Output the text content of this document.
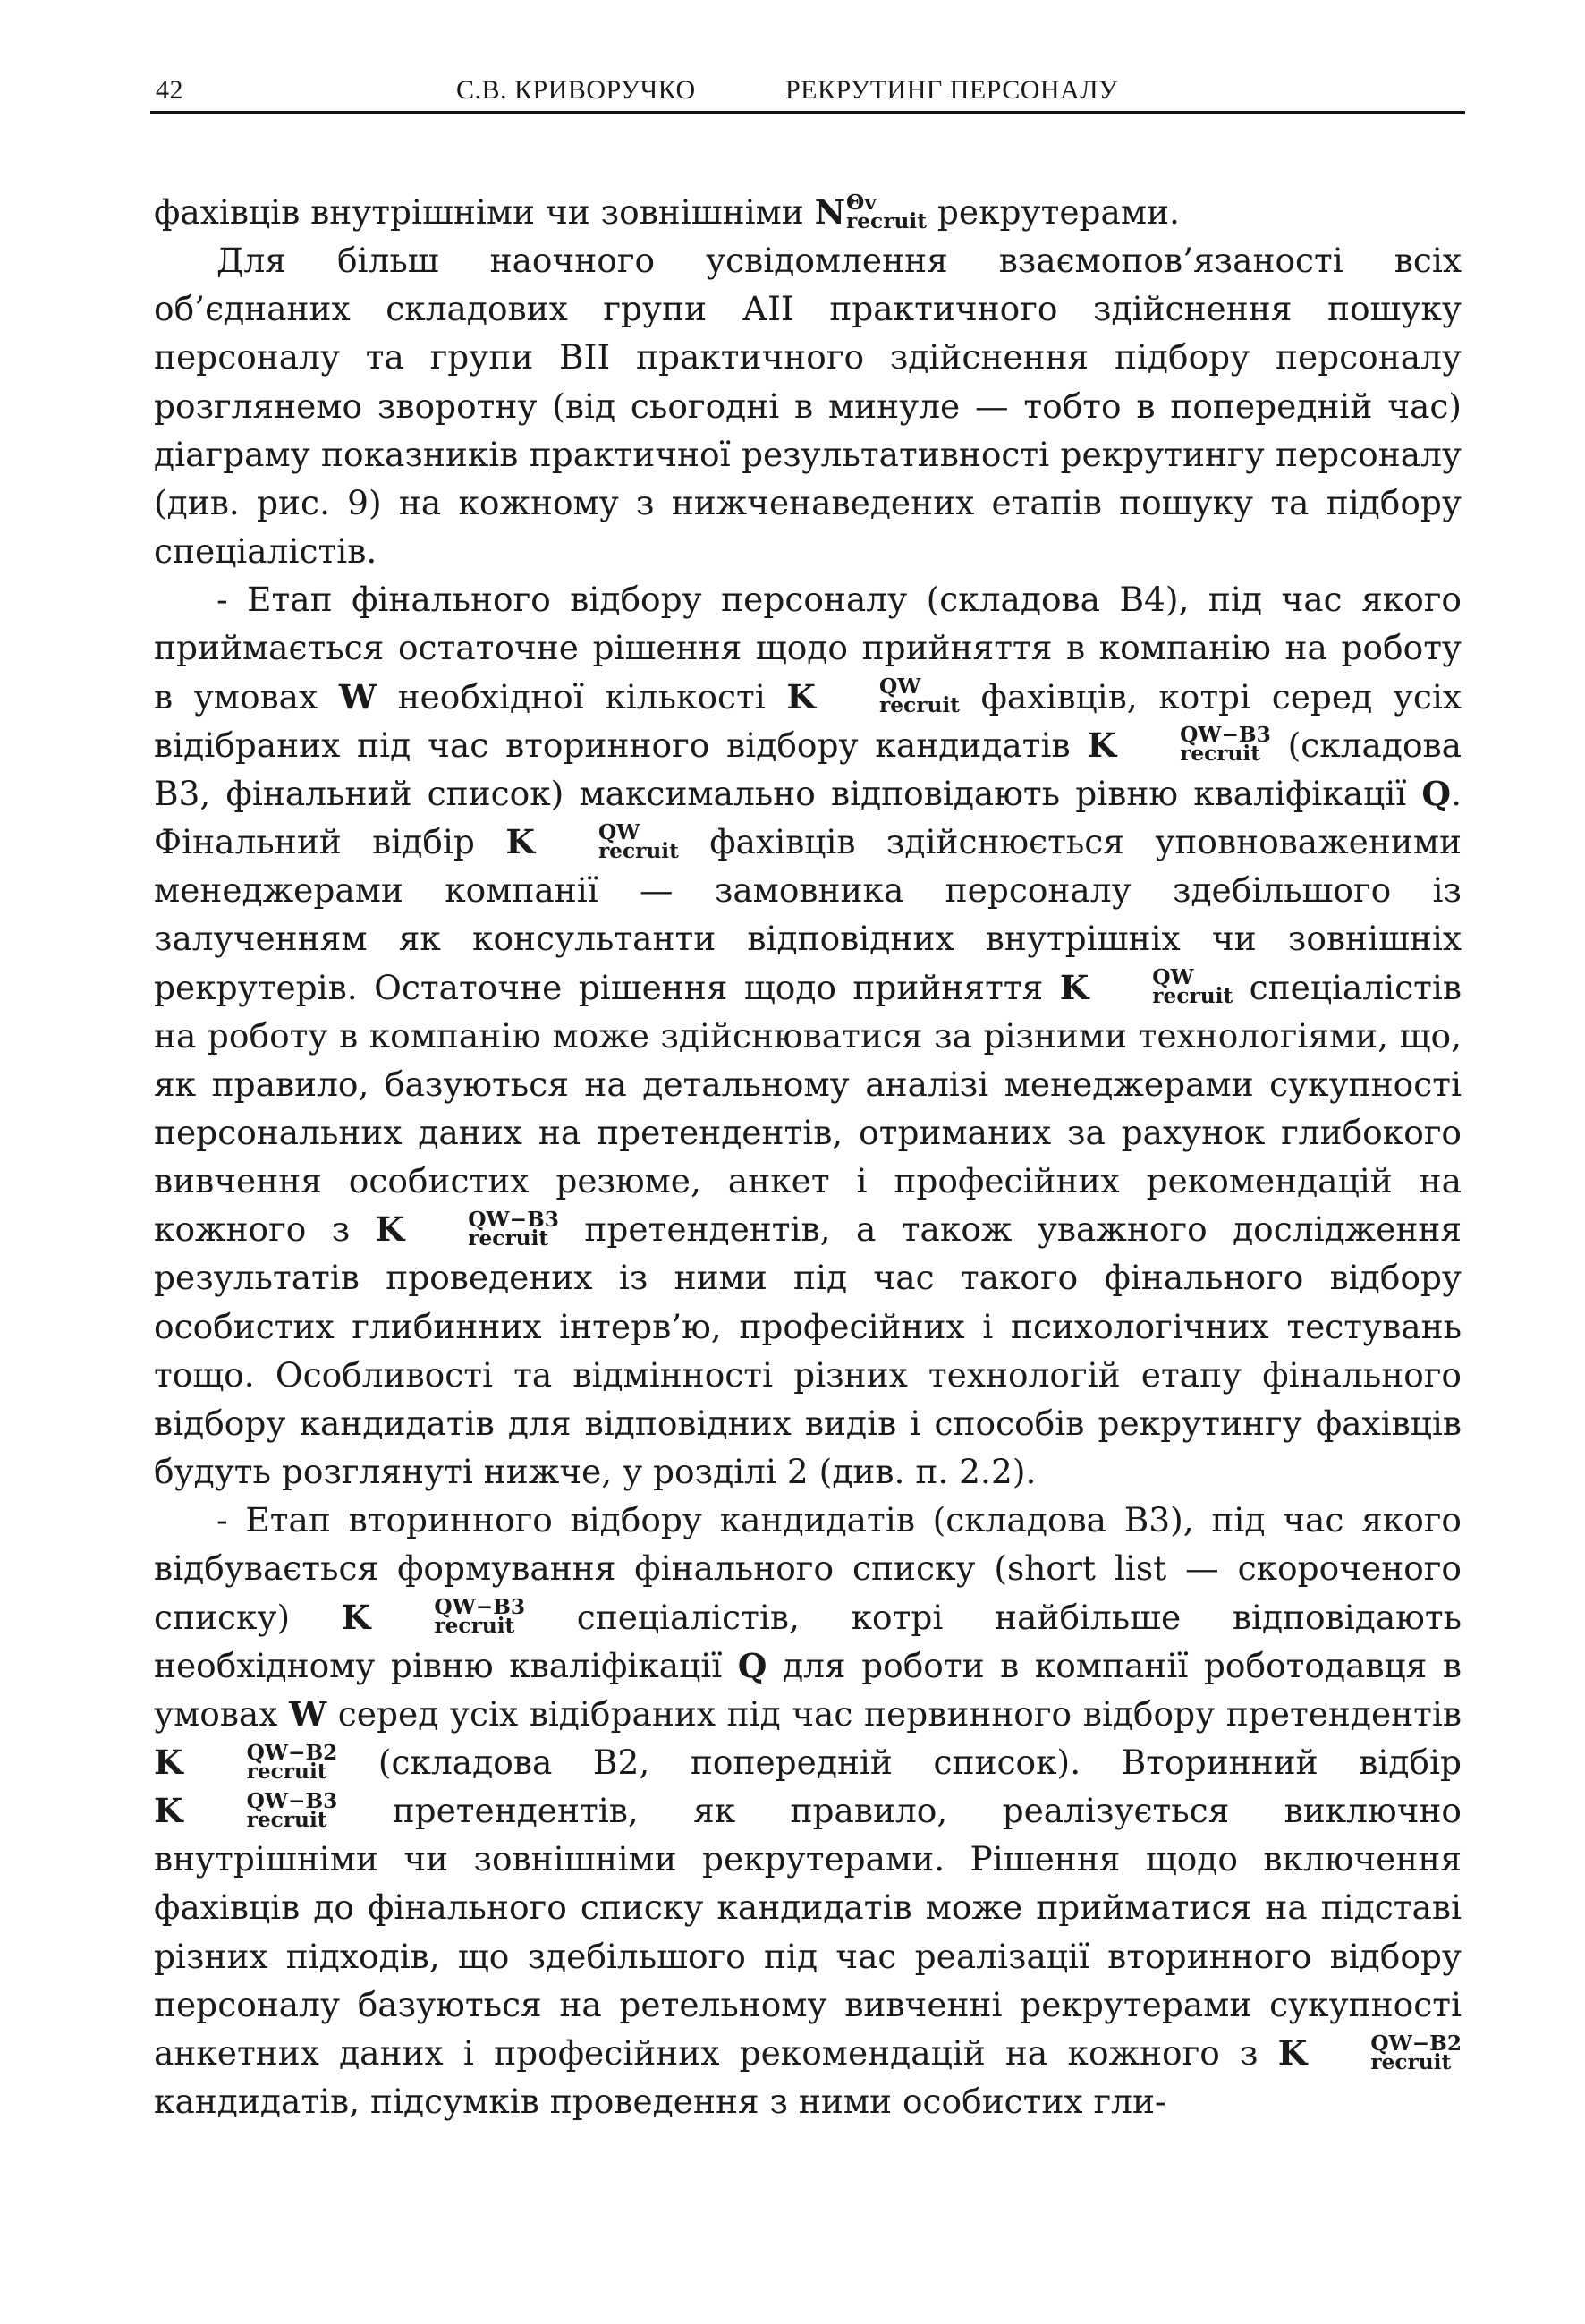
42	С.В. КРИВОРУЧКО	РЕКРУТИНГ ПЕРСОНАЛУ

фахівців внутрішніми чи зовнішніми N Θv
recruit рекрутерами.

Для більш наочного усвідомлення взаємопов’язаності всіх об’єднаних складових групи АІІ практичного здійснення пошуку персоналу та групи ВІІ практичного здійснення підбору персоналу розглянемо зворотну (від сьогодні в минуле — тобто в попередній час) діаграму показників практичної результативності рекрутингу персоналу (див. рис. 9) на кожному з нижченаведених етапів пошуку та підбору спеціалістів.

- Етап фінального відбору персоналу (складова В4), під час якого приймається остаточне рішення щодо прийняття в компанію на роботу в умовах W необхідної кількості K	QW
recruit фахівців, котрі серед усіх відібраних під час вторинного відбору кандидатів K	QW−B3
recruit (складова В3, фінальний список) максимально відповідають рівню кваліфікації Q. Фінальний відбір K	QW
recruit фахівців здійснюється уповноваженими менеджерами компанії — замовника персоналу здебільшого із залученням як консультанти відповідних внутрішніх чи зовнішніх рекрутерів. Остаточне рішення щодо прийняття K	QW
recruit спеціалістів на роботу в компанію може здійснюватися за різними технологіями, що, як правило, базуються на детальному аналізі менеджерами сукупності персональних даних на претендентів, отриманих за рахунок глибокого вивчення особистих резюме, анкет і професійних рекомендацій на кожного з K	QW−B3
recruit претендентів, а також уважного дослідження результатів проведених із ними під час такого фінального відбору особистих глибинних інтерв’ю, професійних і психологічних тестувань тощо. Особливості та відмінності різних технологій етапу фінального відбору кандидатів для відповідних видів і способів рекрутингу фахівців будуть розглянуті нижче, у розділі 2 (див. п. 2.2).

- Етап вторинного відбору кандидатів (складова В3), під час якого відбувається формування фінального списку (short list — скороченого списку) K	QW−B3
recruit спеціалістів, котрі найбільше відповідають необхідному рівню кваліфікації Q для роботи в компанії роботодавця в умовах W серед усіх відібраних під час первинного відбору претендентів K	QW−B2
recruit (складова В2, попередній список). Вторинний відбір K	QW−B3
recruit претендентів, як правило, реалізується виключно внутрішніми чи зовнішніми рекрутерами. Рішення щодо включення фахівців до фінального списку кандидатів може прийматися на підставі різних підходів, що здебільшого під час реалізації вторинного відбору персоналу базуються на ретельному вивченні рекрутерами сукупності анкетних даних і професійних рекомендацій на кожного з K	QW−B2
recruit
кандидатів, підсумків проведення з ними особистих гли-
